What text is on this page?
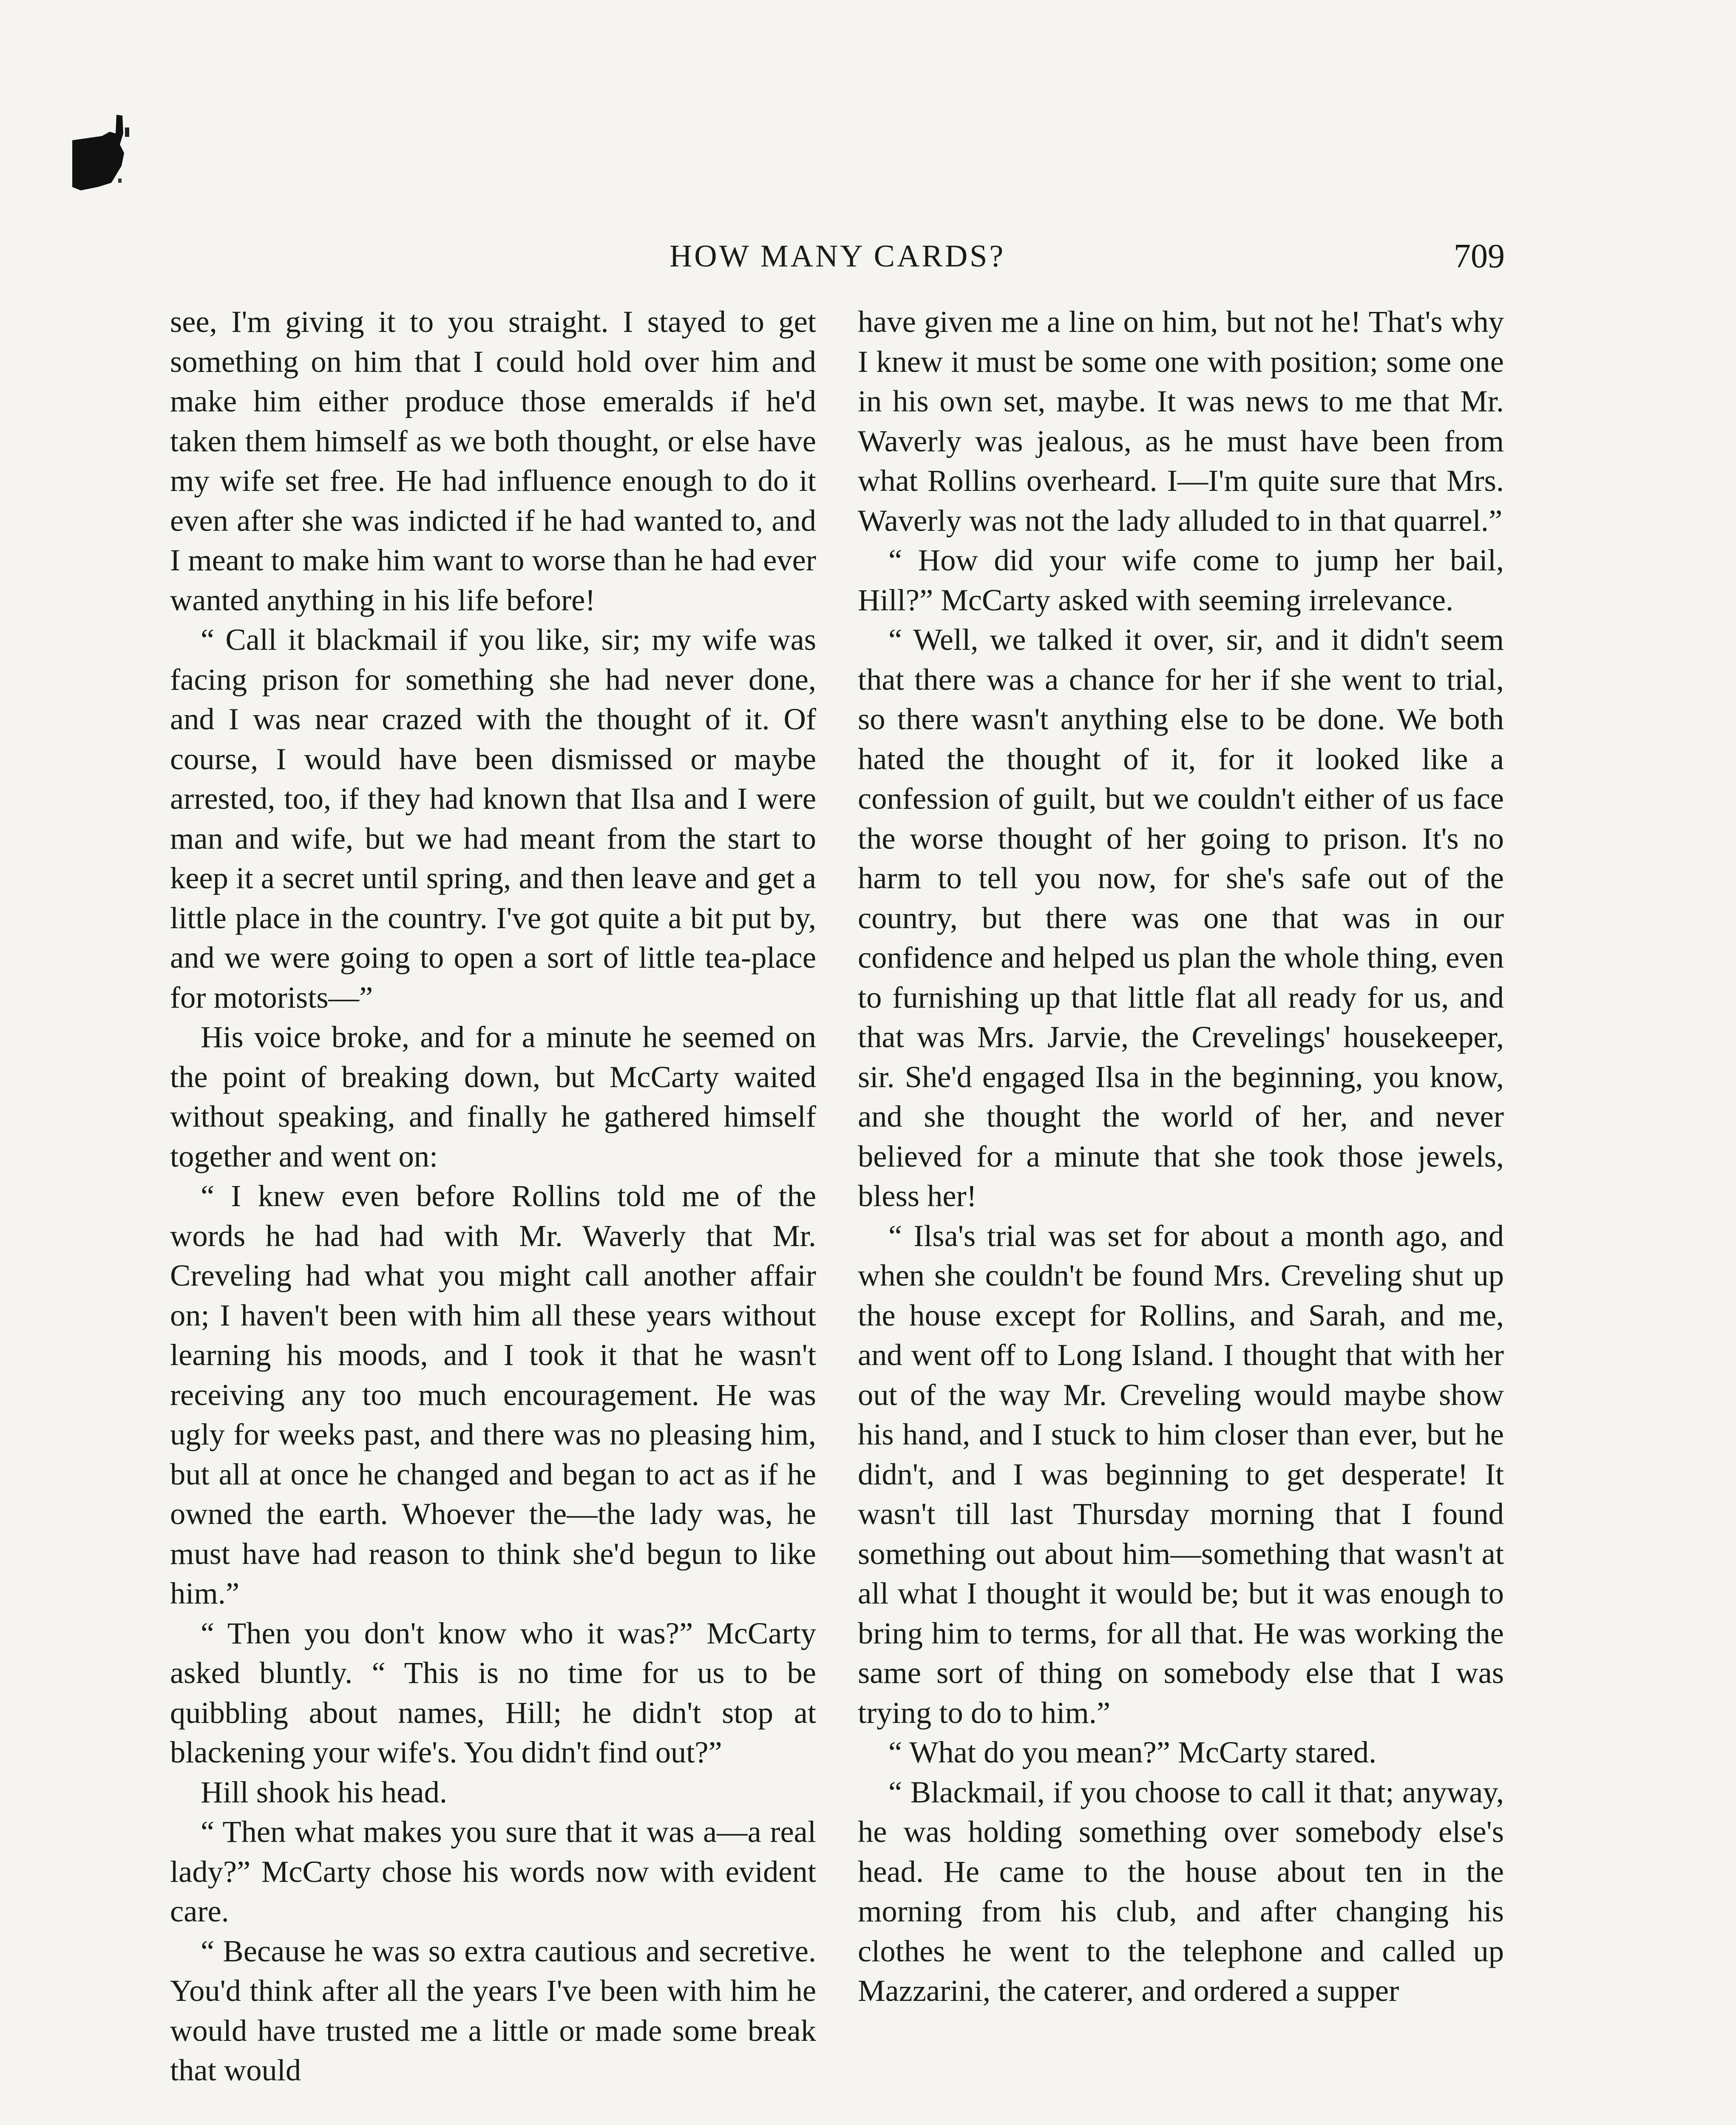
HOW MANY CARDS?	709

see, I'm giving it to you straight. I stayed to get something on him that I could hold over him and make him either produce those emeralds if he'd taken them himself as we both thought, or else have my wife set free. He had influence enough to do it even after she was indicted if he had wanted to, and I meant to make him want to worse than he had ever wanted anything in his life before!

“ Call it blackmail if you like, sir; my wife was facing prison for something she had never done, and I was near crazed with the thought of it. Of course, I would have been dismissed or maybe arrested, too, if they had known that Ilsa and I were man and wife, but we had meant from the start to keep it a secret until spring, and then leave and get a little place in the country. I've got quite a bit put by, and we were going to open a sort of little tea-place for motorists—”

His voice broke, and for a minute he seemed on the point of breaking down, but McCarty waited without speaking, and finally he gathered himself together and went on:

“ I knew even before Rollins told me of the words he had had with Mr. Waverly that Mr. Creveling had what you might call another affair on; I haven't been with him all these years without learning his moods, and I took it that he wasn't receiving any too much encouragement. He was ugly for weeks past, and there was no pleasing him, but all at once he changed and began to act as if he owned the earth. Whoever the—the lady was, he must have had reason to think she'd begun to like him.”

“ Then you don't know who it was?” McCarty asked bluntly. “ This is no time for us to be quibbling about names, Hill; he didn't stop at blackening your wife's. You didn't find out?”

Hill shook his head.

“ Then what makes you sure that it was a—a real lady?” McCarty chose his words now with evident care.

“ Because he was so extra cautious and secretive. You'd think after all the years I've been with him he would have trusted me a little or made some break that would

have given me a line on him, but not he! That's why I knew it must be some one with position; some one in his own set, maybe. It was news to me that Mr. Waverly was jealous, as he must have been from what Rollins overheard. I—I'm quite sure that Mrs. Waverly was not the lady alluded to in that quarrel.”

“ How did your wife come to jump her bail, Hill?” McCarty asked with seeming irrelevance.

“ Well, we talked it over, sir, and it didn't seem that there was a chance for her if she went to trial, so there wasn't anything else to be done. We both hated the thought of it, for it looked like a confession of guilt, but we couldn't either of us face the worse thought of her going to prison. It's no harm to tell you now, for she's safe out of the country, but there was one that was in our confidence and helped us plan the whole thing, even to furnishing up that little flat all ready for us, and that was Mrs. Jarvie, the Crevelings' housekeeper, sir. She'd engaged Ilsa in the beginning, you know, and she thought the world of her, and never believed for a minute that she took those jewels, bless her!

“ Ilsa's trial was set for about a month ago, and when she couldn't be found Mrs. Creveling shut up the house except for Rollins, and Sarah, and me, and went off to Long Island. I thought that with her out of the way Mr. Creveling would maybe show his hand, and I stuck to him closer than ever, but he didn't, and I was beginning to get desperate! It wasn't till last Thursday morning that I found something out about him—something that wasn't at all what I thought it would be; but it was enough to bring him to terms, for all that. He was working the same sort of thing on somebody else that I was trying to do to him.”

“ What do you mean?” McCarty stared.

“ Blackmail, if you choose to call it that; anyway, he was holding something over somebody else's head. He came to the house about ten in the morning from his club, and after changing his clothes he went to the telephone and called up Mazzarini, the caterer, and ordered a supper
